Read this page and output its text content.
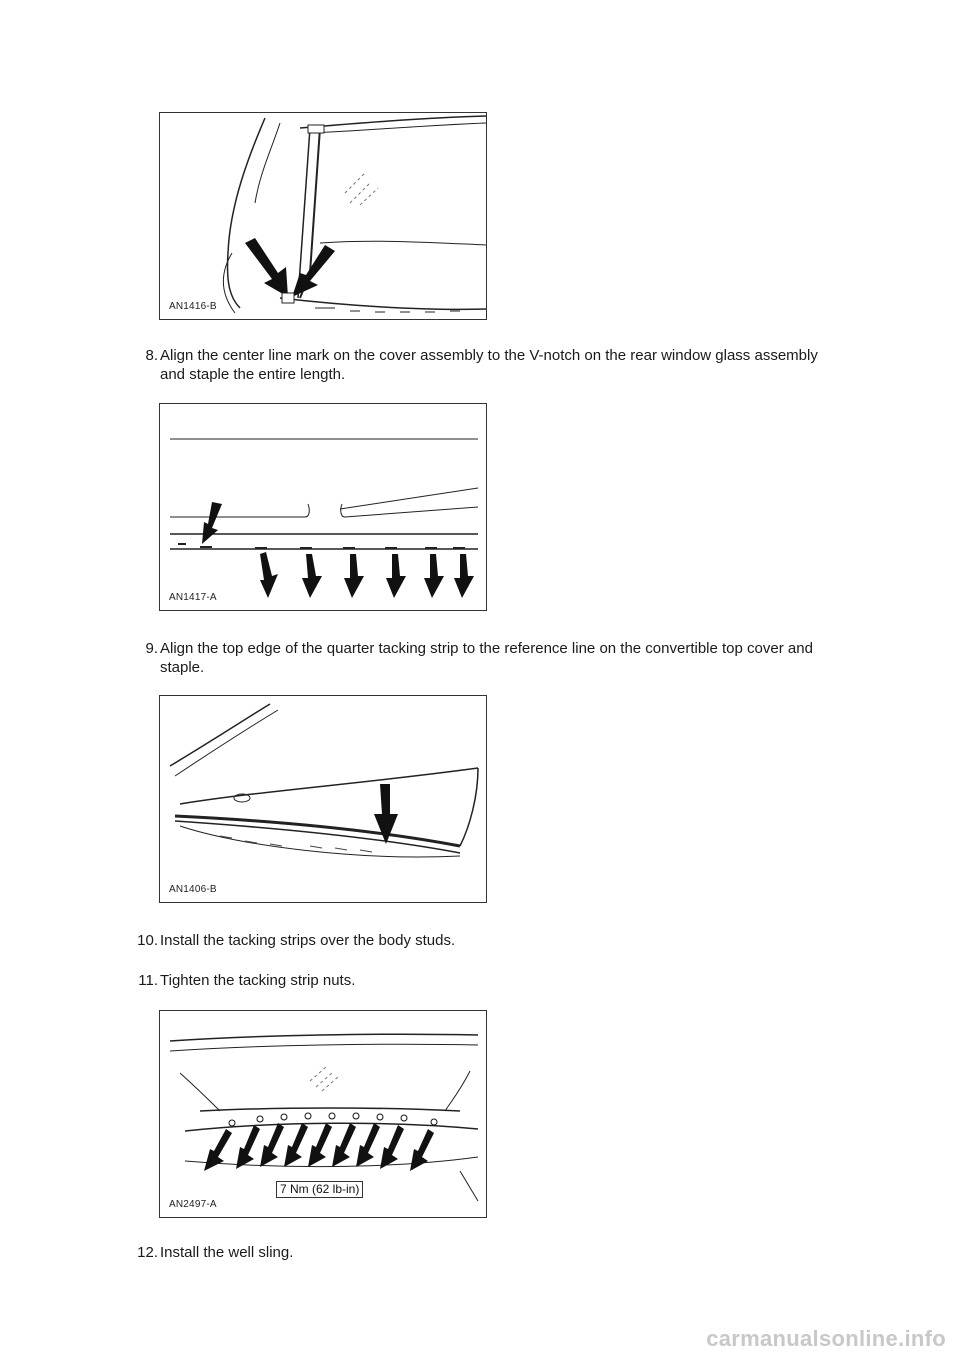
AN1416-B
8. Align the center line mark on the cover assembly to the V-notch on the rear window glass assembly and staple the entire length.
AN1417-A
9. Align the top edge of the quarter tacking strip to the reference line on the convertible top cover and staple.
AN1406-B
10. Install the tacking strips over the body studs.
11. Tighten the tacking strip nuts.
7 Nm (62 lb-in)
AN2497-A
12. Install the well sling.
carmanualsonline.info
